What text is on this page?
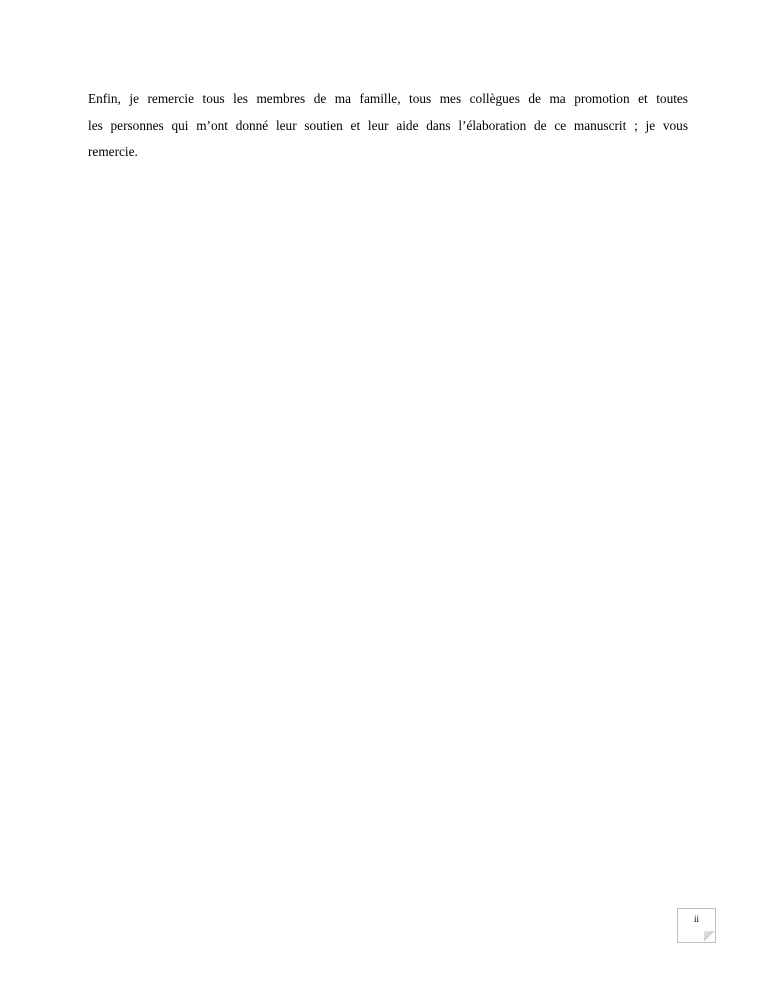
Enfin, je remercie tous les membres de ma famille, tous mes collègues de ma promotion et toutes
les personnes qui m’ont donné leur soutien et leur aide dans l’élaboration de ce manuscrit ; je vous
remercie.

ii
